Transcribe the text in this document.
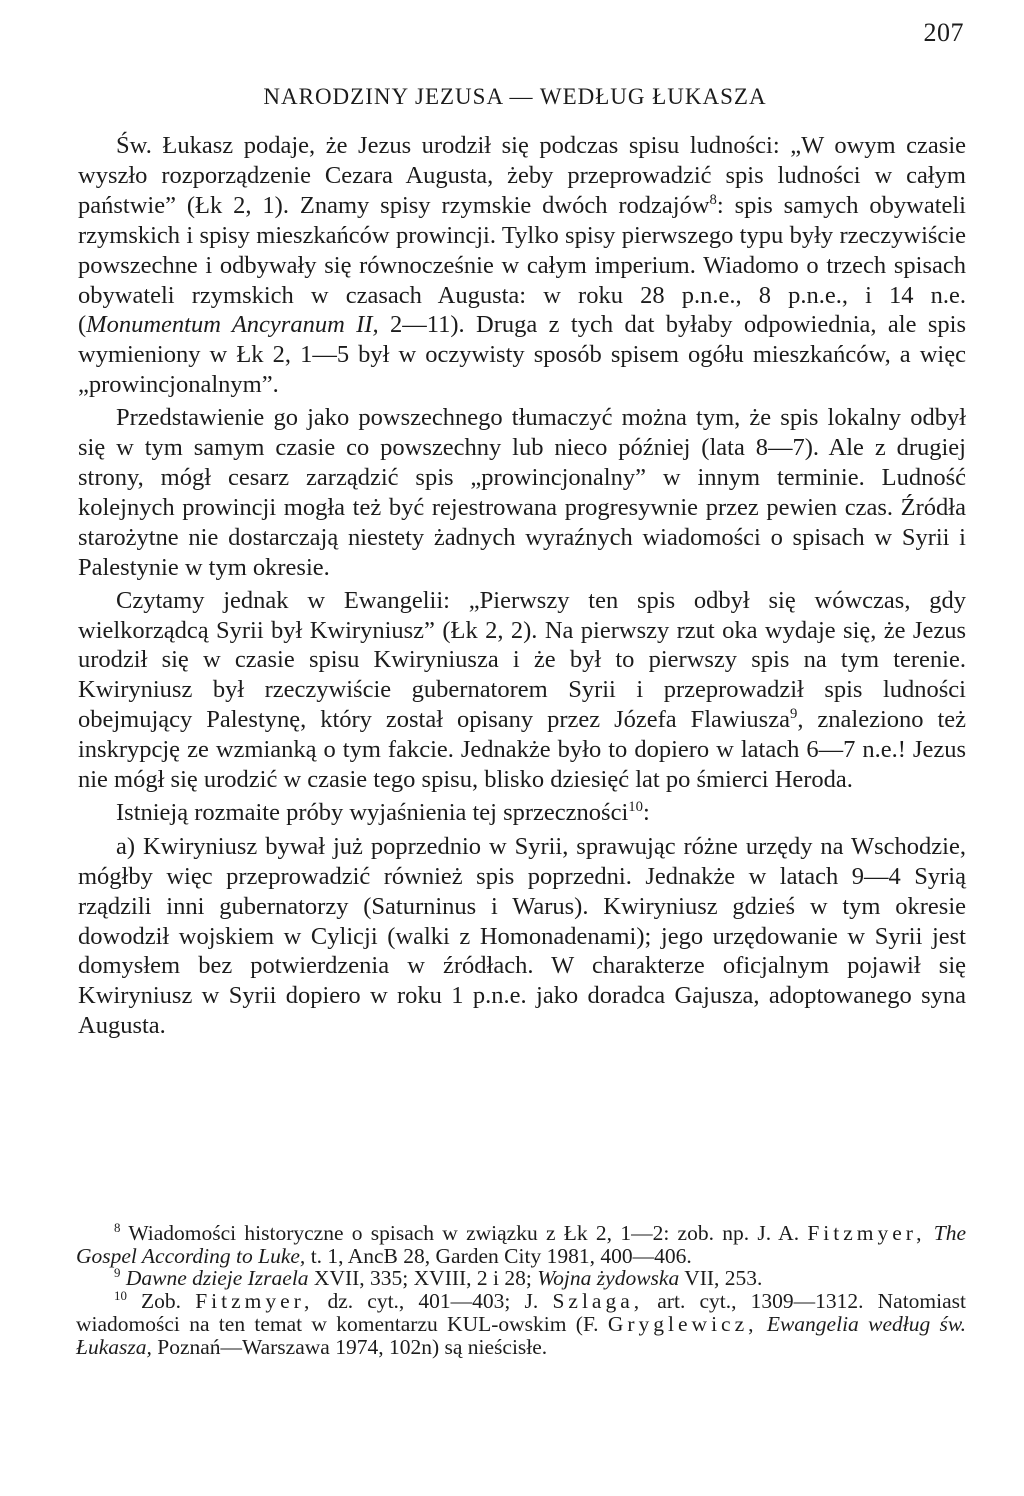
207
NARODZINY JEZUSA — WEDŁUG ŁUKASZA

Św. Łukasz podaje, że Jezus urodził się podczas spisu ludności: „W owym czasie wyszło rozporządzenie Cezara Augusta, żeby przeprowadzić spis ludności w całym państwie” (Łk 2, 1). Znamy spisy rzymskie dwóch rodzajów$^8$: spis samych obywateli rzymskich i spisy mieszkańców prowincji. Tylko spisy pierwszego typu były rzeczywiście powszechne i odbywały się równocześnie w całym imperium. Wiadomo o trzech spisach obywateli rzymskich w czasach Augusta: w roku 28 p.n.e., 8 p.n.e., i 14 n.e. (Monumentum Ancyranum II, 2—11). Druga z tych dat byłaby odpowiednia, ale spis wymieniony w Łk 2, 1—5 był w oczywisty sposób spisem ogółu mieszkańców, a więc „prowincjonalnym”.

Przedstawienie go jako powszechnego tłumaczyć można tym, że spis lokalny odbył się w tym samym czasie co powszechny lub nieco później (lata 8—7). Ale z drugiej strony, mógł cesarz zarządzić spis „prowincjonalny” w innym terminie. Ludność kolejnych prowincji mogła też być rejestrowana progresywnie przez pewien czas. Źródła starożytne nie dostarczają niestety żadnych wyraźnych wiadomości o spisach w Syrii i Palestynie w tym okresie.

Czytamy jednak w Ewangelii: „Pierwszy ten spis odbył się wówczas, gdy wielkorządcą Syrii był Kwiryniusz” (Łk 2, 2). Na pierwszy rzut oka wydaje się, że Jezus urodził się w czasie spisu Kwiryniusza i że był to pierwszy spis na tym terenie. Kwiryniusz był rzeczywiście gubernatorem Syrii i przeprowadził spis ludności obejmujący Palestynę, który został opisany przez Józefa Flawiusza$^9$, znaleziono też inskrypcję ze wzmianką o tym fakcie. Jednakże było to dopiero w latach 6—7 n.e.! Jezus nie mógł się urodzić w czasie tego spisu, blisko dziesięć lat po śmierci Heroda.

Istnieją rozmaite próby wyjaśnienia tej sprzeczności$^{10}$:

a) Kwiryniusz bywał już poprzednio w Syrii, sprawując różne urzędy na Wschodzie, mógłby więc przeprowadzić również spis poprzedni. Jednakże w latach 9—4 Syrią rządzili inni gubernatorzy (Saturninus i Warus). Kwiryniusz gdzieś w tym okresie dowodził wojskiem w Cylicji (walki z Homonadenami); jego urzędowanie w Syrii jest domysłem bez potwierdzenia w źródłach. W charakterze oficjalnym pojawił się Kwiryniusz w Syrii dopiero w roku 1 p.n.e. jako doradca Gajusza, adoptowanego syna Augusta.

$^8$ Wiadomości historyczne o spisach w związku z Łk 2, 1—2: zob. np. J. A. Fitzmyer, The Gospel According to Luke, t. 1, AncB 28, Garden City 1981, 400—406.

$^9$ Dawne dzieje Izraela XVII, 335; XVIII, 2 i 28; Wojna żydowska VII, 253.

$^{10}$ Zob. Fitzmyer, dz. cyt., 401—403; J. Szlaga, art. cyt., 1309—1312. Natomiast wiadomości na ten temat w komentarzu KUL-owskim (F. Gryglewicz, Ewangelia według św. Łukasza, Poznań—Warszawa 1974, 102n) są nieścisłe.
